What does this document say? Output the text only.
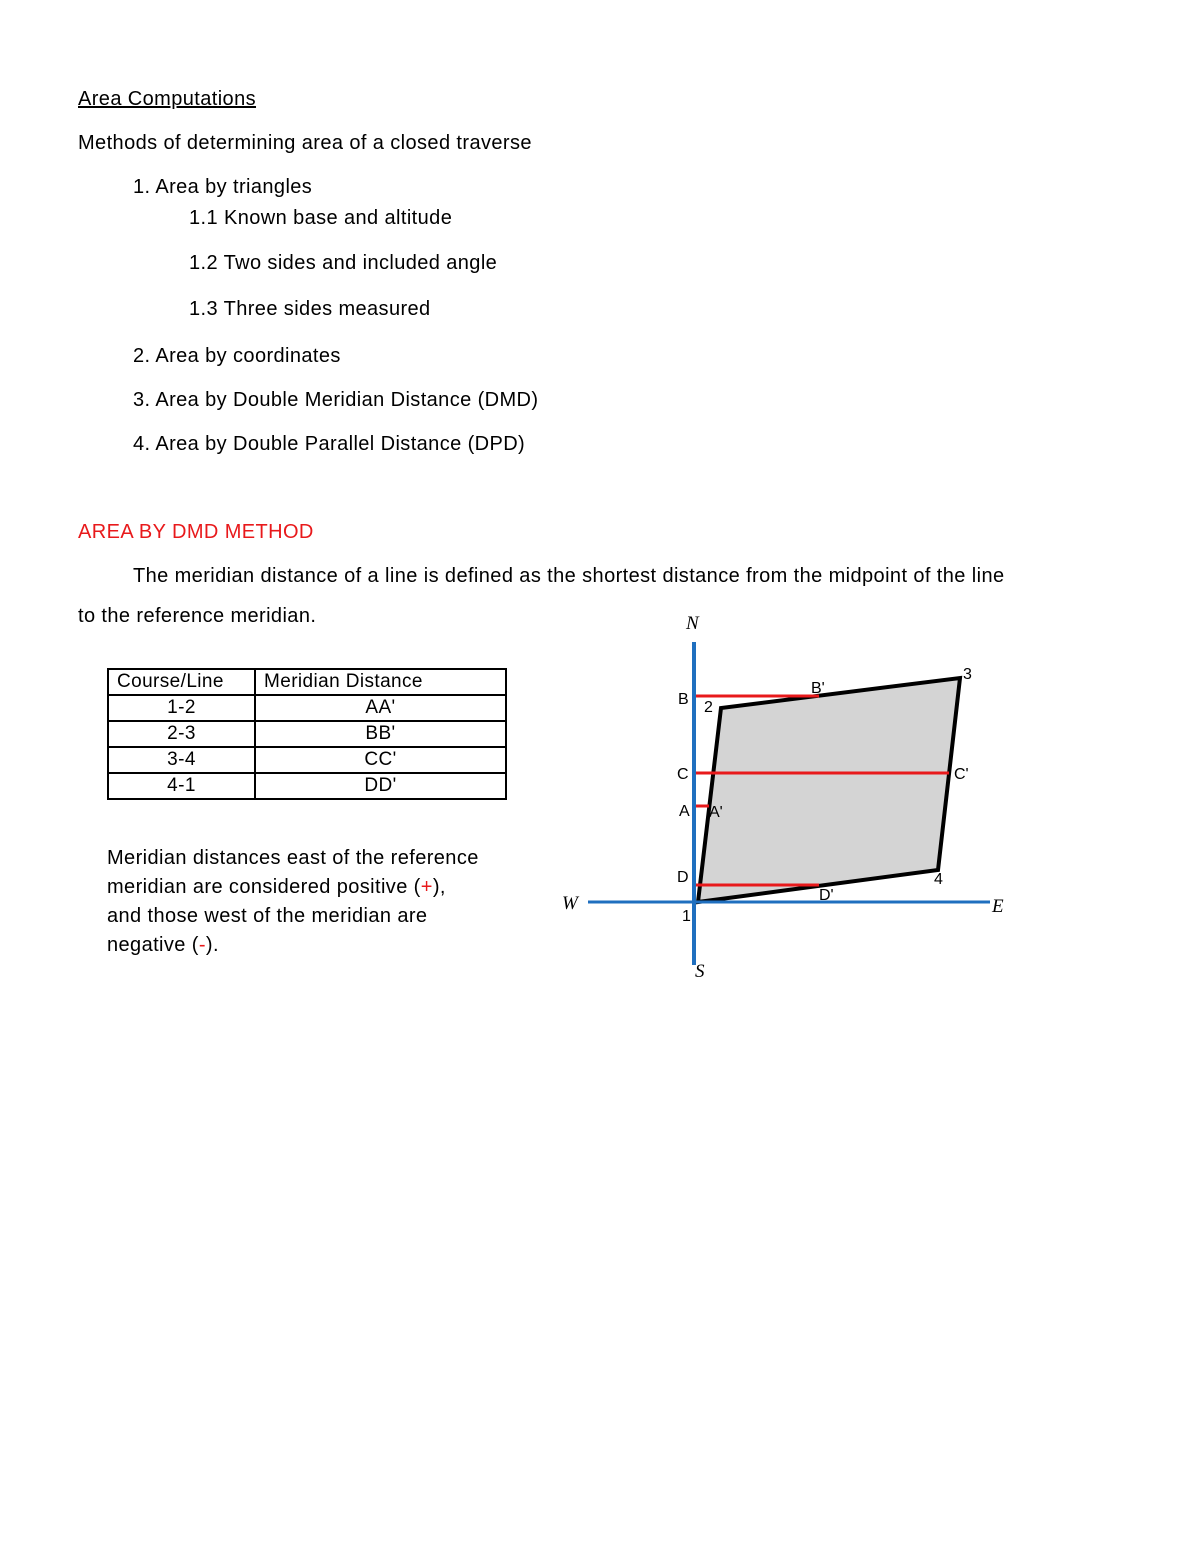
Area Computations
Methods of determining area of a closed traverse
1. Area by triangles
1.1 Known base and altitude
1.2 Two sides and included angle
1.3 Three sides measured
2. Area by coordinates
3. Area by Double Meridian Distance (DMD)
4. Area by Double Parallel Distance (DPD)
AREA BY DMD METHOD
The meridian distance of a line is defined as the shortest distance from the midpoint of the line
to the reference meridian.
Course/Line	Meridian Distance
1-2	AA'
2-3	BB'
3-4	CC'
4-1	DD'
Meridian distances east of the reference
meridian are considered positive (+),
and those west of the meridian are
negative (-).
N
S
W	E
1
2
3
4
B
C
A
D
B'
C'
A'
D'
